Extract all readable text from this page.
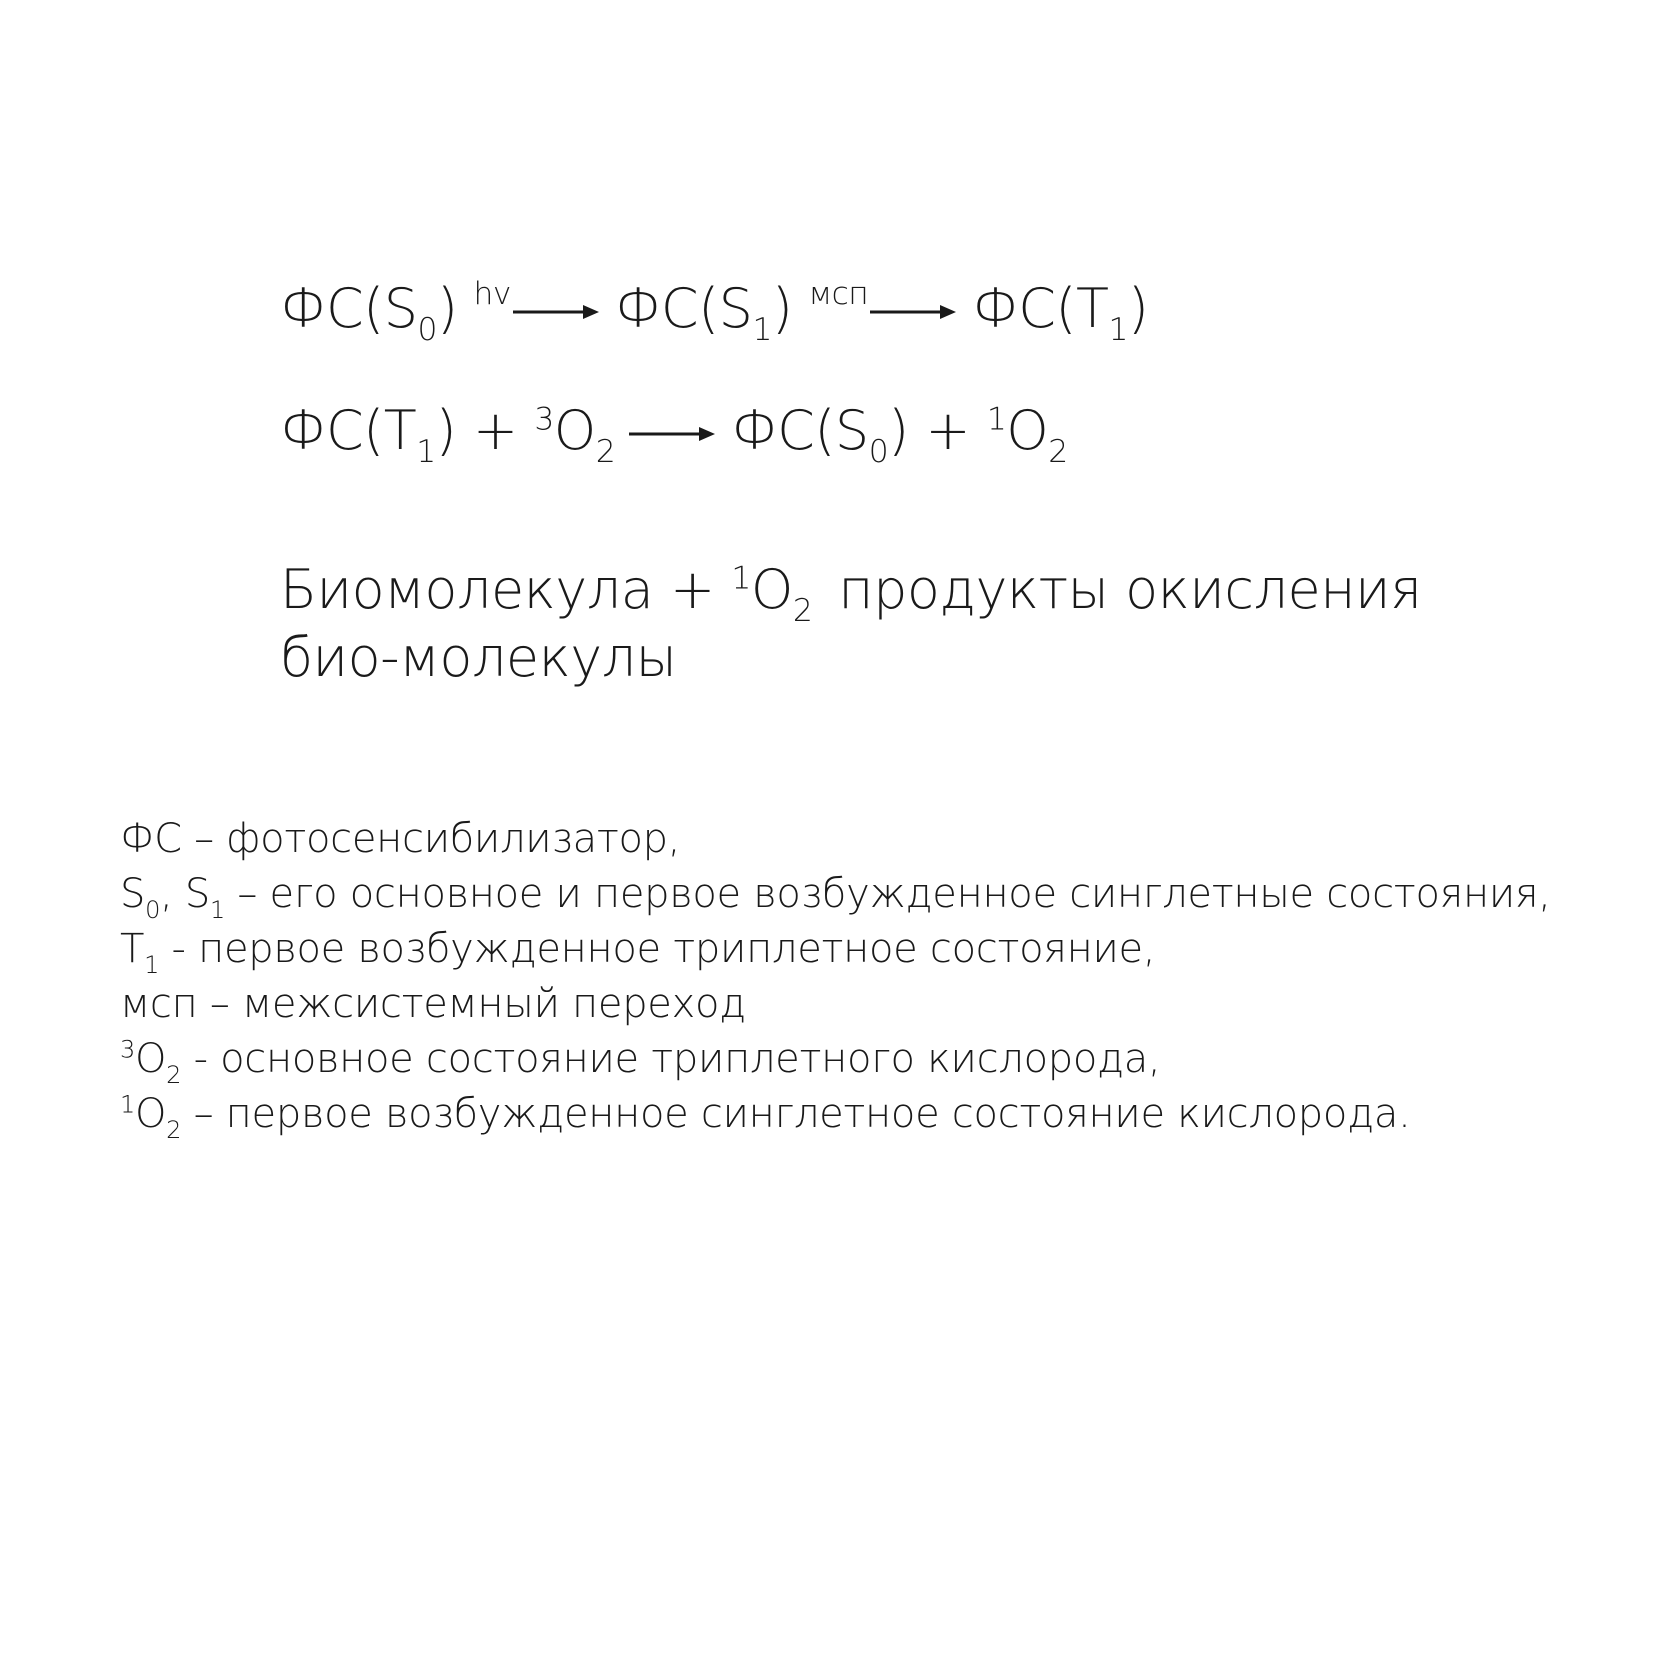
$ФС(S_0)$ $^{hv}$ $ФС(S_1)$ $^{мсп}$ $ФС(T_1)$
$ФС(T_1) + ^3O_2$ $ФС(S_0) + ^1O_2$
Биомолекула + $^1O_2$ продукты окисления био-молекулы
ФС – фотосенсибилизатор,
$S_0$, $S_1$ – его основное и первое возбужденное синглетные состояния,
$T_1$ - первое возбужденное триплетное состояние,
мсп – межсистемный переход
$^3O_2$ - основное состояние триплетного кислорода,
$^1O_2$ – первое возбужденное синглетное состояние кислорода.
